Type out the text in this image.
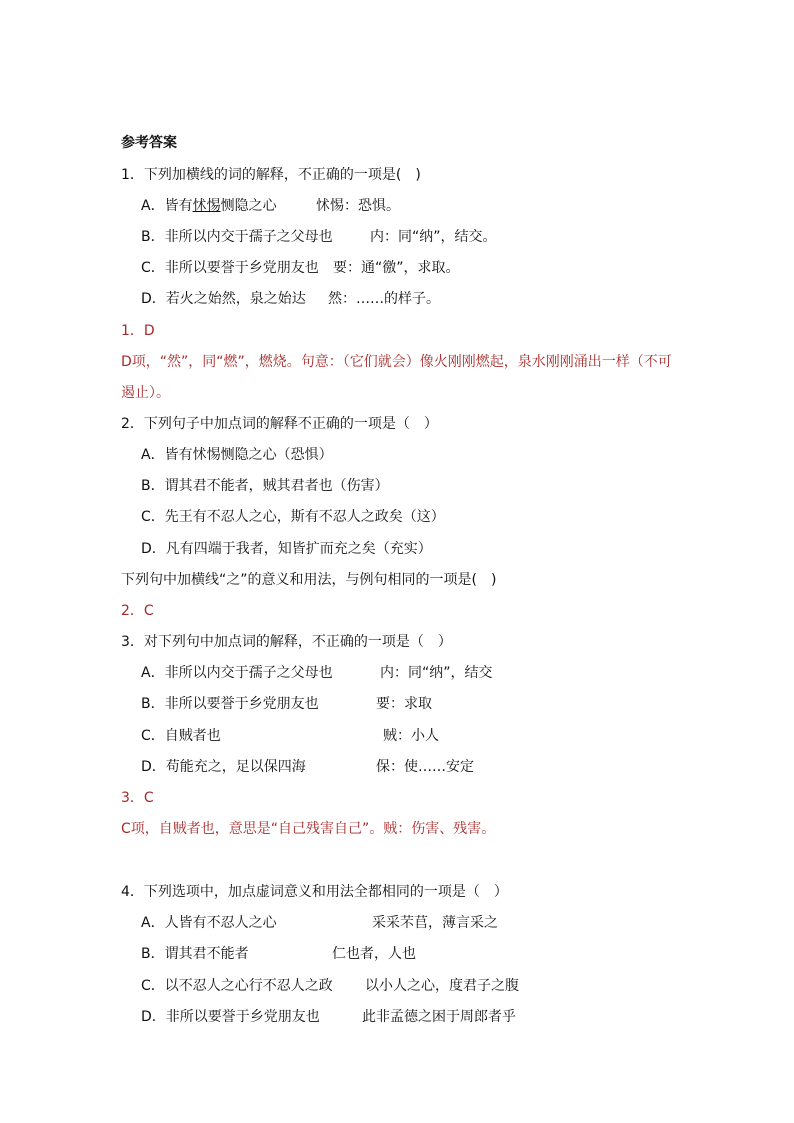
参考答案
1．下列加横线的词的解释，不正确的一项是(　)
A．皆有怵惕恻隐之心	怵惕：恐惧。
B．非所以内交于孺子之父母也	内：同“纳”，结交。
C．非所以要誉于乡党朋友也 要：通“徼”，求取。
D．若火之始然，泉之始达 然：……的样子。
1．D
D项，“然”，同“燃”，燃烧。句意：（它们就会）像火刚刚燃起，泉水刚刚涌出一样（不可
遏止）。
2．下列句子中加点词的解释不正确的一项是（　）
A．皆有怵惕恻隐之心（恐惧）
B．谓其君不能者，贼其君者也（伤害）
C．先王有不忍人之心，斯有不忍人之政矣（这）
D．凡有四端于我者，知皆扩而充之矣（充实）
下列句中加横线“之”的意义和用法，与例句相同的一项是(　)
2．C
3．对下列句中加点词的解释，不正确的一项是（　）
A．非所以内交于孺子之父母也	内：同“纳”，结交
B．非所以要誉于乡党朋友也	要：求取
C．自贼者也	贼：小人
D．苟能充之，足以保四海	保：使……安定
3．C
C项，自贼者也，意思是“自己残害自己”。贼：伤害、残害。
4．下列选项中，加点虚词意义和用法全都相同的一项是（　）
A．人皆有不忍人之心	采采芣苢，薄言采之
B．谓其君不能者	仁也者，人也
C．以不忍人之心行不忍人之政 以小人之心，度君子之腹
D．非所以要誉于乡党朋友也	此非孟德之困于周郎者乎
